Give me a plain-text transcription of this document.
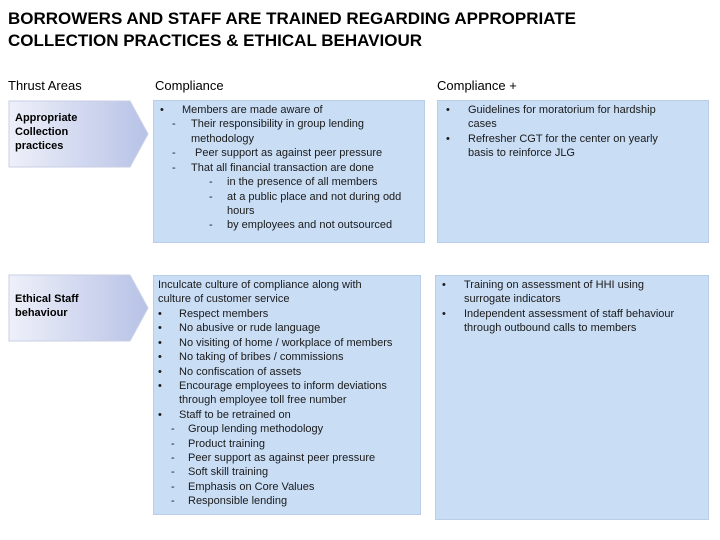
BORROWERS AND STAFF ARE TRAINED REGARDING APPROPRIATE
COLLECTION PRACTICES & ETHICAL BEHAVIOUR
Thrust Areas	Compliance	Compliance +
Appropriate
Collection
practices
Ethical Staff
behaviour
• Members are made aware of
- Their responsibility in group lending
methodology
- Peer support as against peer pressure
- That all financial transaction are done
- in the presence of all members
- at a public place and not during odd
hours
- by employees and not outsourced
• Guidelines for moratorium for hardship
cases
• Refresher CGT for the center on yearly
basis to reinforce JLG
Inculcate culture of compliance along with
culture of customer service
• Respect members
• No abusive or rude language
• No visiting of home / workplace of members
• No taking of bribes / commissions
• No confiscation of assets
• Encourage employees to inform deviations
through employee toll free number
• Staff to be retrained on
- Group lending methodology
- Product training
- Peer support as against peer pressure
- Soft skill training
- Emphasis on Core Values
- Responsible lending
• Training on assessment of HHI using
surrogate indicators
• Independent assessment of staff behaviour
through outbound calls to members
